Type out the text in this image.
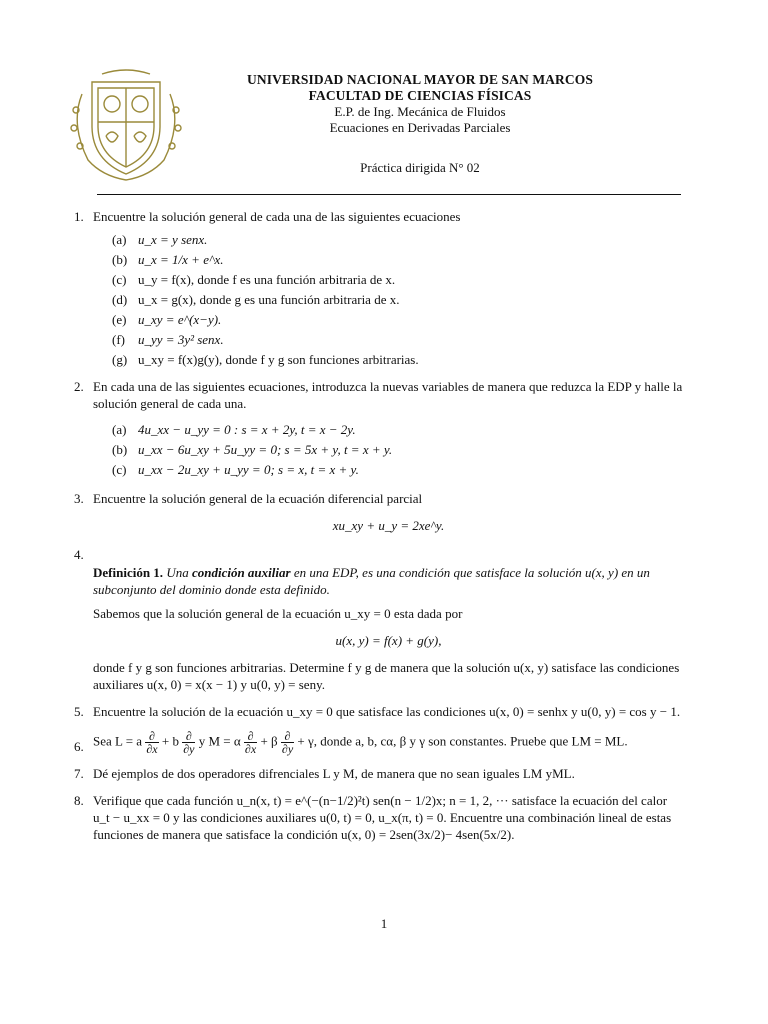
UNIVERSIDAD NACIONAL MAYOR DE SAN MARCOS
FACULTAD DE CIENCIAS FÍSICAS
E.P. de Ing. Mecánica de Fluidos
Ecuaciones en Derivadas Parciales
Práctica dirigida N° 02
1. Encuentre la solución general de cada una de las siguientes ecuaciones
(a) u_x = y senx.
(b) u_x = 1/x + e^x.
(c) u_y = f(x), donde f es una función arbitraria de x.
(d) u_x = g(x), donde g es una función arbitraria de x.
(e) u_xy = e^(x−y).
(f) u_yy = 3y² senx.
(g) u_xy = f(x)g(y), donde f y g son funciones arbitrarias.
2. En cada una de las siguientes ecuaciones, introduzca la nuevas variables de manera que reduzca la EDP y halle la solución general de cada una.
(a) 4u_xx − u_yy = 0 : s = x + 2y, t = x − 2y.
(b) u_xx − 6u_xy + 5u_yy = 0; s = 5x + y, t = x + y.
(c) u_xx − 2u_xy + u_yy = 0; s = x, t = x + y.
3. Encuentre la solución general de la ecuación diferencial parcial
xu_xy + u_y = 2xe^y.
4.
Definición 1. Una condición auxiliar en una EDP, es una condición que satisface la solución u(x, y) en un subconjunto del dominio donde esta definido.
Sabemos que la solución general de la ecuación u_xy = 0 esta dada por
u(x, y) = f(x) + g(y),
donde f y g son funciones arbitrarias. Determine f y g de manera que la solución u(x, y) satisface las condiciones auxiliares u(x, 0) = x(x − 1) y u(0, y) = seny.
5. Encuentre la solución de la ecuación u_xy = 0 que satisface las condiciones u(x, 0) = senhx y u(0, y) = cos y − 1.
6. Sea L = a $\frac{\partial}{\partial x} + b \frac{\partial}{\partial y}$ y M = α $\frac{\partial}{\partial x} + \beta \frac{\partial}{\partial y} + \gamma$, donde a, b, cα, β y γ son constantes. Pruebe que LM = ML.
7. Dé ejemplos de dos operadores difrenciales L y M, de manera que no sean iguales LM yML.
8. Verifique que cada función u_n(x, t) = e^(−(n−1/2)²t) sen(n − 1/2)x; n = 1, 2, ··· satisface la ecuación del calor u_t − u_xx = 0 y las condiciones auxiliares u(0, t) = 0, u_x(π, t) = 0. Encuentre una combinación lineal de estas funciones de manera que satisface la condición u(x, 0) = 2sen(3x/2)− 4sen(5x/2).
1
